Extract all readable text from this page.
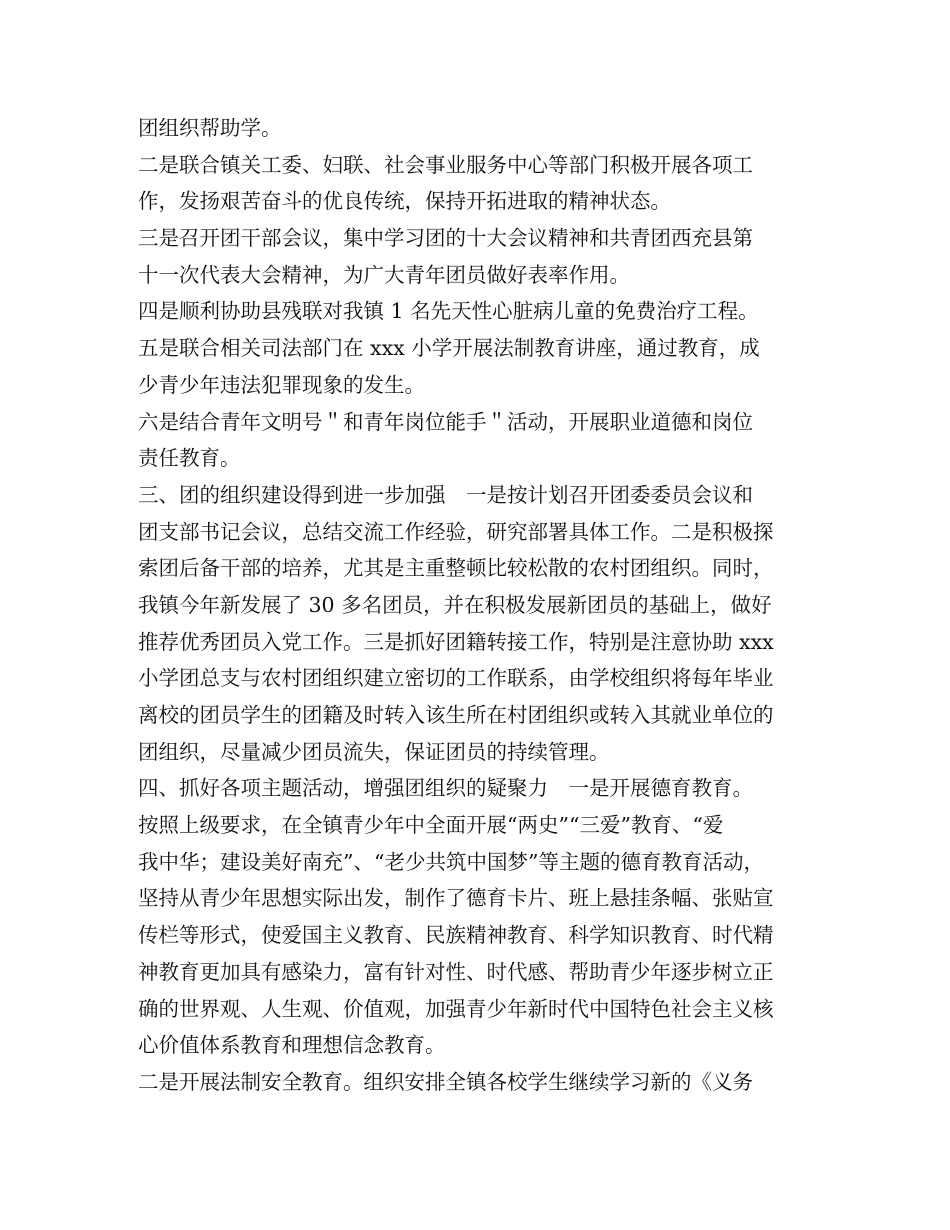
团组织帮助学。
二是联合镇关工委、妇联、社会事业服务中心等部门积极开展各项工
作，发扬艰苦奋斗的优良传统，保持开拓进取的精神状态。
三是召开团干部会议，集中学习团的十大会议精神和共青团西充县第
十一次代表大会精神，为广大青年团员做好表率作用。
四是顺利协助县残联对我镇 1 名先天性心脏病儿童的免费治疗工程。
五是联合相关司法部门在 xxx 小学开展法制教育讲座，通过教育，成
少青少年违法犯罪现象的发生。
六是结合青年文明号＂和青年岗位能手＂活动，开展职业道德和岗位
责任教育。
三、团的组织建设得到进一步加强　一是按计划召开团委委员会议和
团支部书记会议，总结交流工作经验，研究部署具体工作。二是积极探
索团后备干部的培养，尤其是主重整顿比较松散的农村团组织。同时，
我镇今年新发展了 30 多名团员，并在积极发展新团员的基础上，做好
推荐优秀团员入党工作。三是抓好团籍转接工作，特别是注意协助 xxx
小学团总支与农村团组织建立密切的工作联系，由学校组织将每年毕业
离校的团员学生的团籍及时转入该生所在村团组织或转入其就业单位的
团组织，尽量减少团员流失，保证团员的持续管理。
四、抓好各项主题活动，增强团组织的疑聚力　一是开展德育教育。
按照上级要求，在全镇青少年中全面开展“两史”“三爱”教育、“爱
我中华；建设美好南充”、“老少共筑中国梦”等主题的德育教育活动，
坚持从青少年思想实际出发，制作了德育卡片、班上悬挂条幅、张贴宣
传栏等形式，使爱国主义教育、民族精神教育、科学知识教育、时代精
神教育更加具有感染力，富有针对性、时代感、帮助青少年逐步树立正
确的世界观、人生观、价值观，加强青少年新时代中国特色社会主义核
心价值体系教育和理想信念教育。
二是开展法制安全教育。组织安排全镇各校学生继续学习新的《义务
